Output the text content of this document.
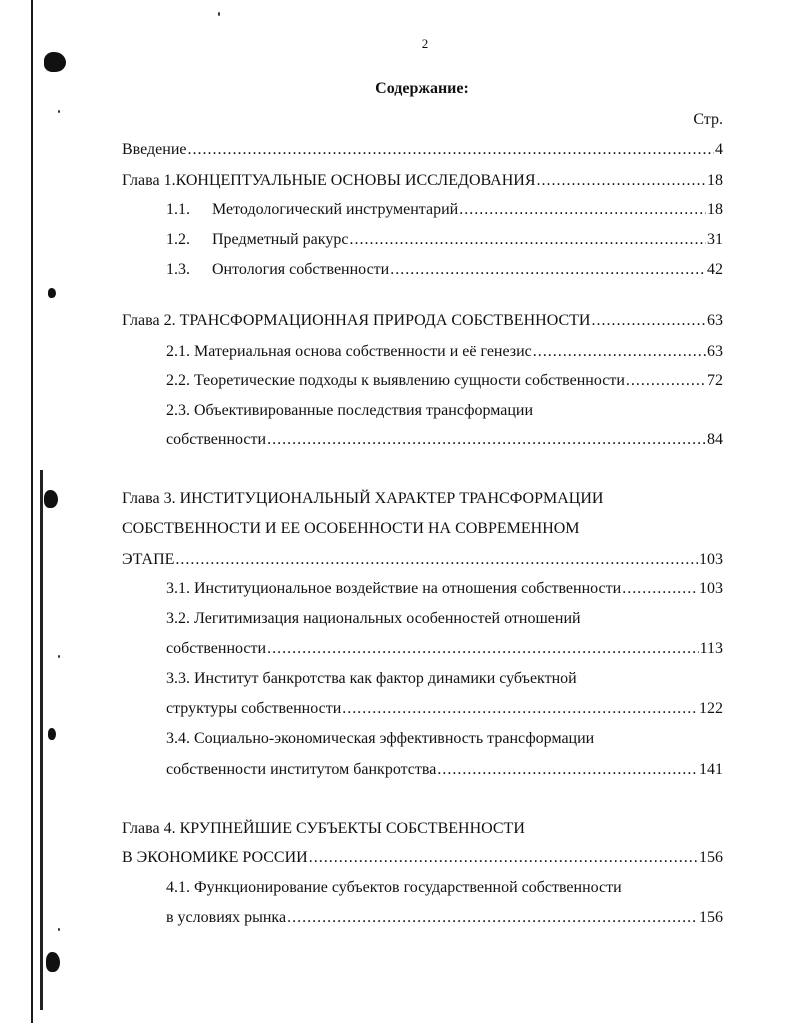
2
Содержание:
Стр.
Введение .....	4
Глава 1.КОНЦЕПТУАЛЬНЫЕ ОСНОВЫ ИССЛЕДОВАНИЯ .....	18
1.1. Методологический инструментарий .....	18
1.2. Предметный ракурс .....	31
1.3. Онтология собственности .....	42
Глава 2. ТРАНСФОРМАЦИОННАЯ ПРИРОДА СОБСТВЕННОСТИ .....	63
2.1. Материальная основа собственности и её генезис .....	63
2.2. Теоретические подходы к выявлению сущности собственности .....	72
2.3. Объективированные последствия трансформации
собственности .....	84
Глава 3. ИНСТИТУЦИОНАЛЬНЫЙ ХАРАКТЕР ТРАНСФОРМАЦИИ
СОБСТВЕННОСТИ И ЕЕ ОСОБЕННОСТИ НА СОВРЕМЕННОМ
ЭТАПЕ .....	103
3.1. Институциональное воздействие на отношения собственности .....	103
3.2. Легитимизация национальных особенностей отношений
собственности .....	113
3.3. Институт банкротства как фактор динамики субъектной
структуры собственности .....	122
3.4. Социально-экономическая эффективность трансформации
собственности институтом банкротства .....	141
Глава 4. КРУПНЕЙШИЕ СУБЪЕКТЫ СОБСТВЕННОСТИ
В ЭКОНОМИКЕ РОССИИ .....	156
4.1. Функционирование субъектов государственной собственности
в условиях рынка .....	156
